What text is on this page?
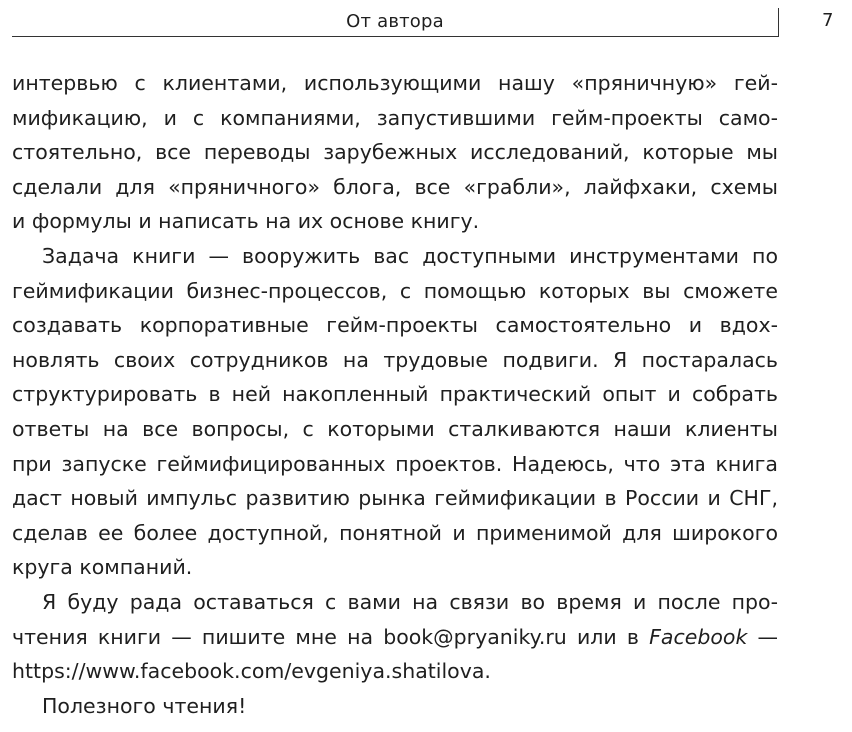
От автора	7
интервью с клиентами, использующими нашу «пряничную» гей-
мификацию, и с компаниями, запустившими гейм-проекты само-
стоятельно, все переводы зарубежных исследований, которые мы
сделали для «пряничного» блога, все «грабли», лайфхаки, схемы
и формулы и написать на их основе книгу.
Задача книги — вооружить вас доступными инструментами по
геймификации бизнес-процессов, с помощью которых вы сможете
создавать корпоративные гейм-проекты самостоятельно и вдох-
новлять своих сотрудников на трудовые подвиги. Я постаралась
структурировать в ней накопленный практический опыт и собрать
ответы на все вопросы, с которыми сталкиваются наши клиенты
при запуске геймифицированных проектов. Надеюсь, что эта книга
даст новый импульс развитию рынка геймификации в России и СНГ,
сделав ее более доступной, понятной и применимой для широкого
круга компаний.
Я буду рада оставаться с вами на связи во время и после про-
чтения книги — пишите мне на book@pryaniky.ru или в Facebook —
https://www.facebook.com/evgeniya.shatilova.
Полезного чтения!
